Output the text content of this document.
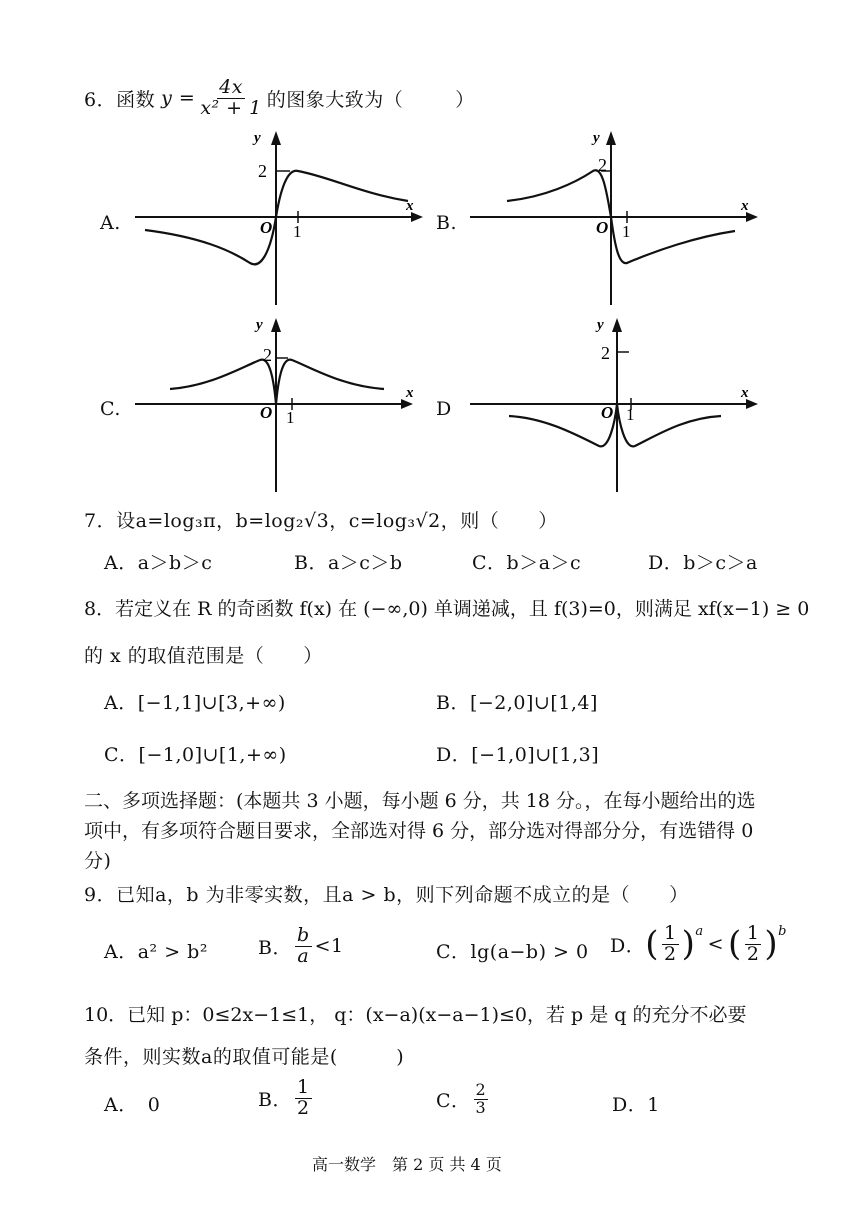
6． 函数 $y = \frac{4x}{\text{x² + 1}}$ 的图象大致为（	）
A.
y
x
O 1
2
B.
y
x
O 1
2
C.
y
x
O 1
2
D
y
x
O 1
2
7．设a=log₃π，b=log₂√3，c=log₃√2，则（　　）
A．a＞b＞c	B．a＞c＞b	C．b＞a＞c	D．b＞c＞a
8．若定义在 R 的奇函数 f(x) 在 (−∞,0) 单调递减，且 f(3)=0，则满足 xf(x−1) ≥ 0
的 x 的取值范围是（　　）
A．[−1,1]∪[3,+∞)	B．[−2,0]∪[1,4]
C．[−1,0]∪[1,+∞)	D．[−1,0]∪[1,3]
二、多项选择题：(本题共 3 小题，每小题 6 分，共 18 分。，在每小题给出的选
项中，有多项符合题目要求，全部选对得 6 分，部分选对得部分分，有选错得 0
分)
9．已知a，b 为非零实数，且a > b，则下列命题不成立的是（　　）
A．a² > b²	B． $\frac{b}{a} <1$	C．lg(a−b) > 0 D． ( $\frac{1}{2} )^a$
< ( $\frac{1}{2} )^b$
10．已知 p：0≤2x−1≤1， q：(x−a)(x−a−1)≤0，若 p 是 q 的充分不必要
条件，则实数a的取值可能是(　　　)
A．　0	B． $\frac{1}{2}$	C． $\frac{2}{3}$	D．1
高一数学　第 2 页 共 4 页
